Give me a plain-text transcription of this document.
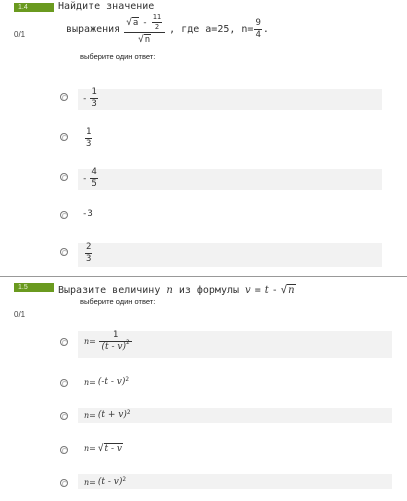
1.4
0/1
Найдите значение
выражения
√ a - $\frac{11}{2}$
√ n
, где a=25, $n= \frac{9}{4}$ .
выберите один ответ:
- $\frac{1}{3}$
$\frac{1}{3}$
- $\frac{4}{5}$
-3
$\frac{2}{3}$
1.5
0/1
Выразите величину n из формулы v = t - √ n
выберите один ответ:
$n= \frac{1}{(t - v)^2}$
n= (-t - v) 2
n= (t + v) 2
n= √ t - v
n= (t - v) 2
